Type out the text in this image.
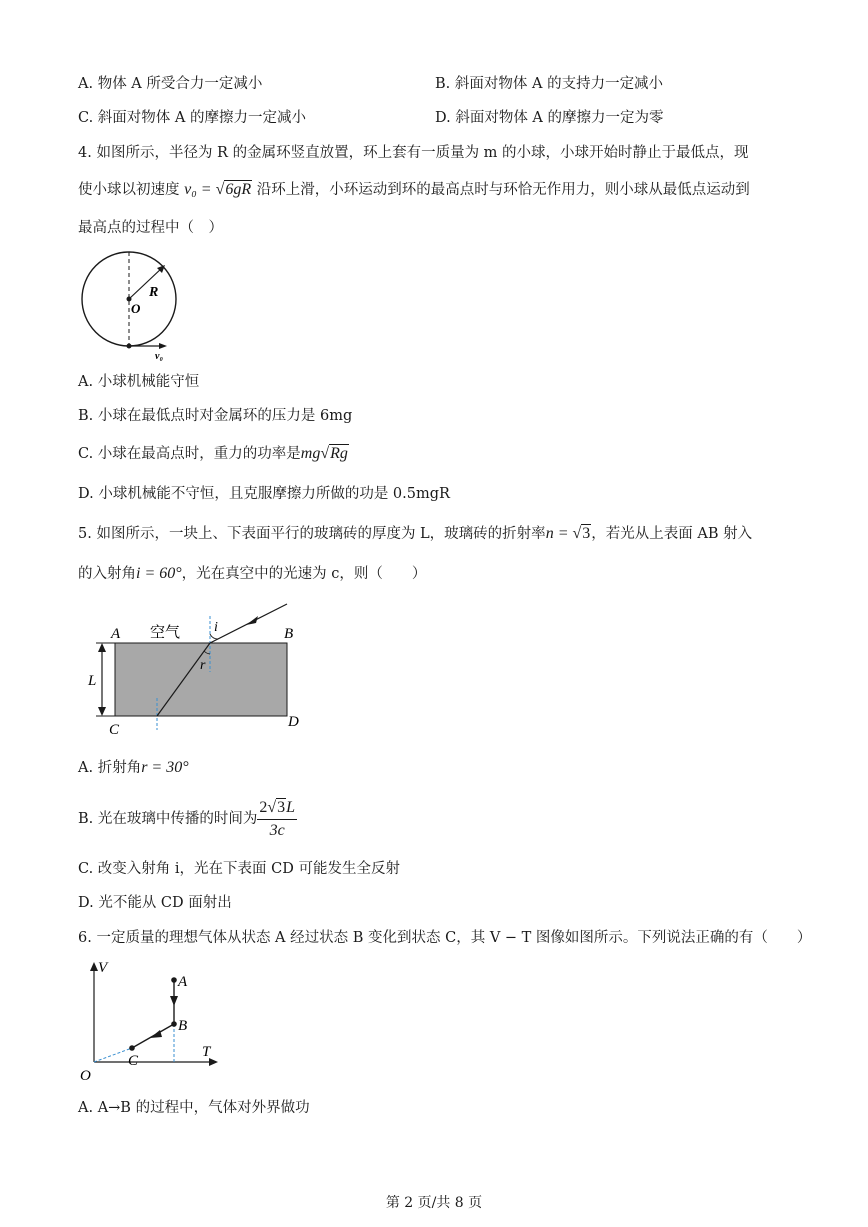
A. 物体 A 所受合力一定减小	B. 斜面对物体 A 的支持力一定减小
C. 斜面对物体 A 的摩擦力一定减小	D. 斜面对物体 A 的摩擦力一定为零
4. 如图所示，半径为 R 的金属环竖直放置，环上套有一质量为 m 的小球，小球开始时静止于最低点，现
使小球以初速度 v₀ = √6gR 沿环上滑，小环运动到环的最高点时与环恰无作用力，则小球从最低点运动到
最高点的过程中（　）
R
O
v₀
A. 小球机械能守恒
B. 小球在最低点时对金属环的压力是 6mg
C. 小球在最高点时，重力的功率是mg√Rg
D. 小球机械能不守恒，且克服摩擦力所做的功是 0.5mgR
5. 如图所示，一块上、下表面平行的玻璃砖的厚度为 L，玻璃砖的折射率n = √3，若光从上表面 AB 射入
的入射角i = 60°，光在真空中的光速为 c，则（　　）
A	B
C	D
L
i
r
空气
A. 折射角r = 30°
B. 光在玻璃中传播的时间为 $\frac{2√3L}{3c}$
C. 改变入射角 i，光在下表面 CD 可能发生全反射
D. 光不能从 CD 面射出
6. 一定质量的理想气体从状态 A 经过状态 B 变化到状态 C，其 V − T 图像如图所示。下列说法正确的有（　　）
V
T
O
A
B
C
A. A→B 的过程中，气体对外界做功
第 2 页/共 8 页
